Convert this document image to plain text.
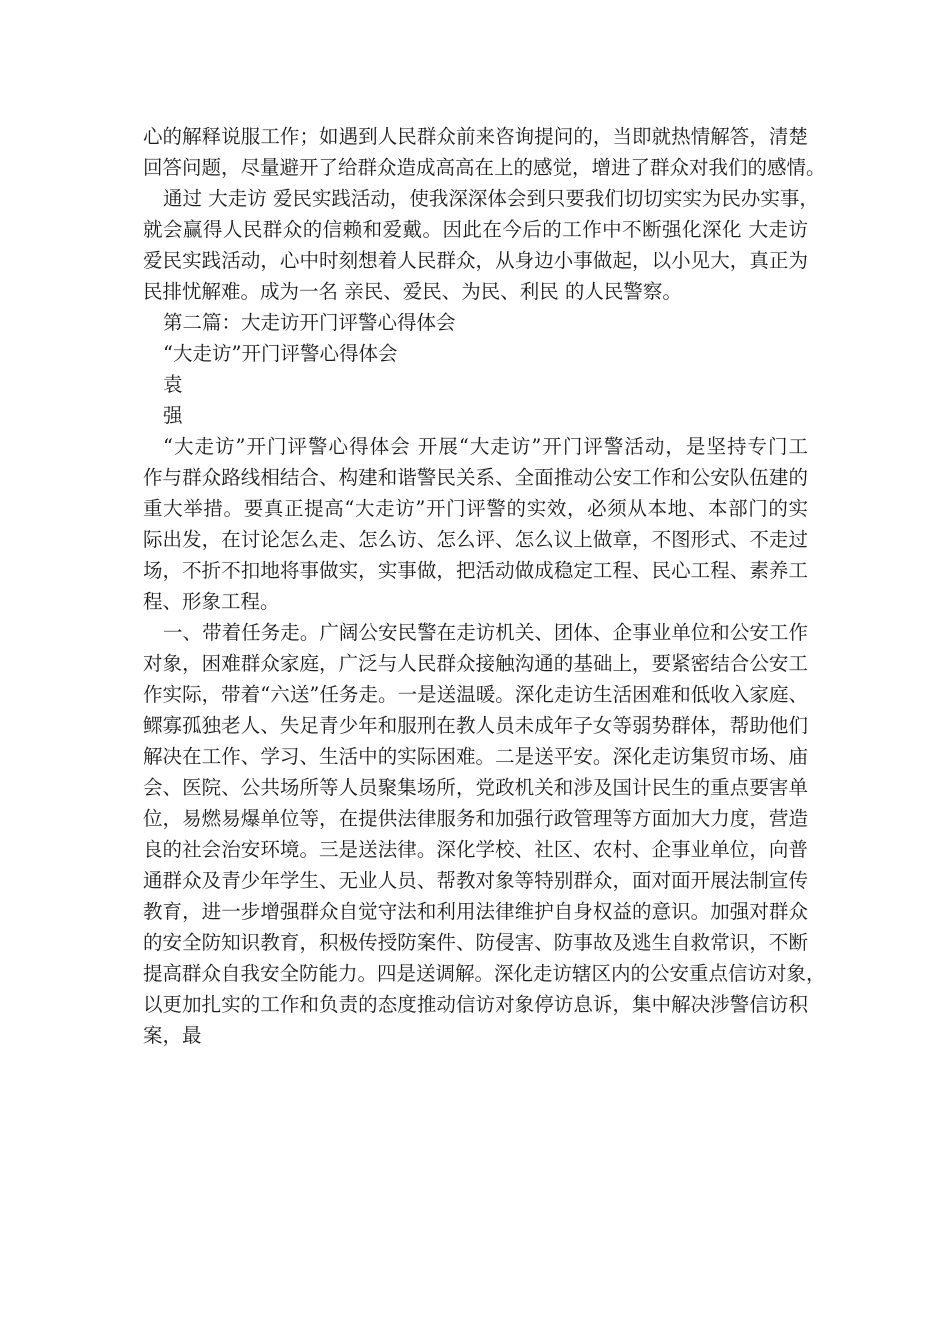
心的解释说服工作；如遇到人民群众前来咨询提问的，当即就热情解答，清楚
回答问题，尽量避开了给群众造成高高在上的感觉，增进了群众对我们的感情。
通过 大走访 爱民实践活动，使我深深体会到只要我们切切实实为民办实事，
就会赢得人民群众的信赖和爱戴。因此在今后的工作中不断强化深化 大走访
爱民实践活动，心中时刻想着人民群众，从身边小事做起，以小见大，真正为
民排忧解难。成为一名 亲民、爱民、为民、利民 的人民警察。
第二篇：大走访开门评警心得体会
“大走访”开门评警心得体会
袁
强
“大走访”开门评警心得体会 开展“大走访”开门评警活动，是坚持专门工
作与群众路线相结合、构建和谐警民关系、全面推动公安工作和公安队伍建的
重大举措。要真正提高“大走访”开门评警的实效，必须从本地、本部门的实
际出发，在讨论怎么走、怎么访、怎么评、怎么议上做章，不图形式、不走过
场，不折不扣地将事做实，实事做，把活动做成稳定工程、民心工程、素养工
程、形象工程。
一、带着任务走。广阔公安民警在走访机关、团体、企事业单位和公安工作
对象，困难群众家庭，广泛与人民群众接触沟通的基础上，要紧密结合公安工
作实际，带着“六送”任务走。一是送温暖。深化走访生活困难和低收入家庭、
鳏寡孤独老人、失足青少年和服刑在教人员未成年子女等弱势群体，帮助他们
解决在工作、学习、生活中的实际困难。二是送平安。深化走访集贸市场、庙
会、医院、公共场所等人员聚集场所，党政机关和涉及国计民生的重点要害单
位，易燃易爆单位等，在提供法律服务和加强行政管理等方面加大力度，营造
良的社会治安环境。三是送法律。深化学校、社区、农村、企事业单位，向普
通群众及青少年学生、无业人员、帮教对象等特别群众，面对面开展法制宣传
教育，进一步增强群众自觉守法和利用法律维护自身权益的意识。加强对群众
的安全防知识教育，积极传授防案件、防侵害、防事故及逃生自救常识，不断
提高群众自我安全防能力。四是送调解。深化走访辖区内的公安重点信访对象，
以更加扎实的工作和负责的态度推动信访对象停访息诉，集中解决涉警信访积
案，最
